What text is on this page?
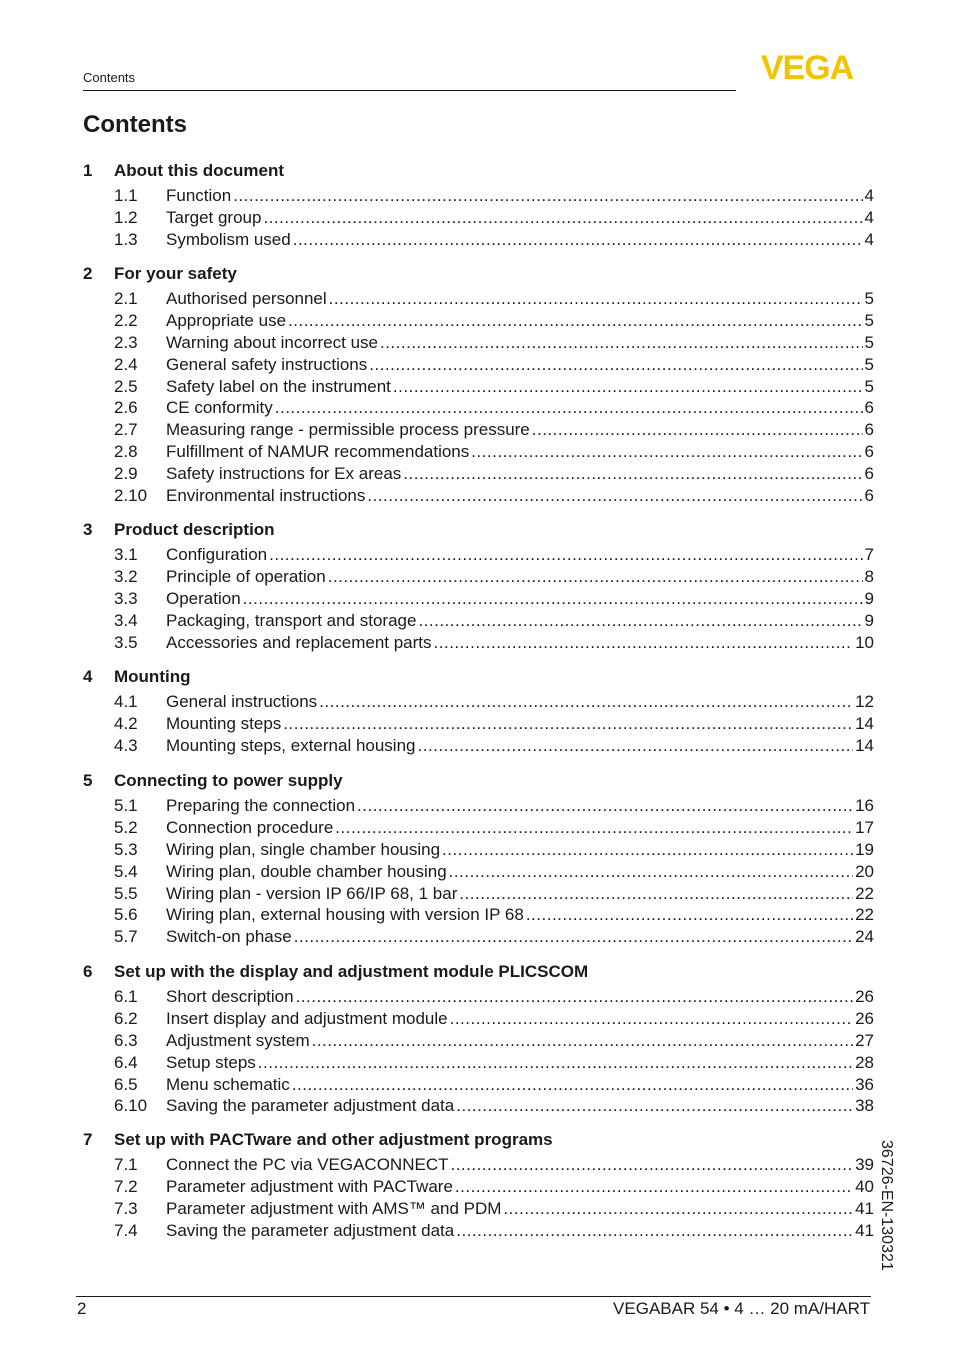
Contents	VEGA
Contents
1	About this document
1.1	Function .....	4
1.2	Target group .....	4
1.3	Symbolism used .....	4
2	For your safety
2.1	Authorised personnel .....	5
2.2	Appropriate use .....	5
2.3	Warning about incorrect use .....	5
2.4	General safety instructions .....	5
2.5	Safety label on the instrument .....	5
2.6	CE conformity .....	6
2.7	Measuring range - permissible process pressure .....	6
2.8	Fulfillment of NAMUR recommendations .....	6
2.9	Safety instructions for Ex areas .....	6
2.10	Environmental instructions .....	6
3	Product description
3.1	Configuration .....	7
3.2	Principle of operation .....	8
3.3	Operation .....	9
3.4	Packaging, transport and storage .....	9
3.5	Accessories and replacement parts .....	10
4	Mounting
4.1	General instructions .....	12
4.2	Mounting steps .....	14
4.3	Mounting steps, external housing .....	14
5	Connecting to power supply
5.1	Preparing the connection .....	16
5.2	Connection procedure .....	17
5.3	Wiring plan, single chamber housing .....	19
5.4	Wiring plan, double chamber housing .....	20
5.5	Wiring plan - version IP 66/IP 68, 1 bar .....	22
5.6	Wiring plan, external housing with version IP 68 .....	22
5.7	Switch-on phase .....	24
6	Set up with the display and adjustment module PLICSCOM
6.1	Short description .....	26
6.2	Insert display and adjustment module .....	26
6.3	Adjustment system .....	27
6.4	Setup steps .....	28
6.5	Menu schematic .....	36
6.10	Saving the parameter adjustment data .....	38
7	Set up with PACTware and other adjustment programs
7.1	Connect the PC via VEGACONNECT .....	39
7.2	Parameter adjustment with PACTware .....	40
7.3	Parameter adjustment with AMS™ and PDM .....	41
7.4	Saving the parameter adjustment data .....	41
2	VEGABAR 54 • 4 … 20 mA/HART
36726-EN-130321
